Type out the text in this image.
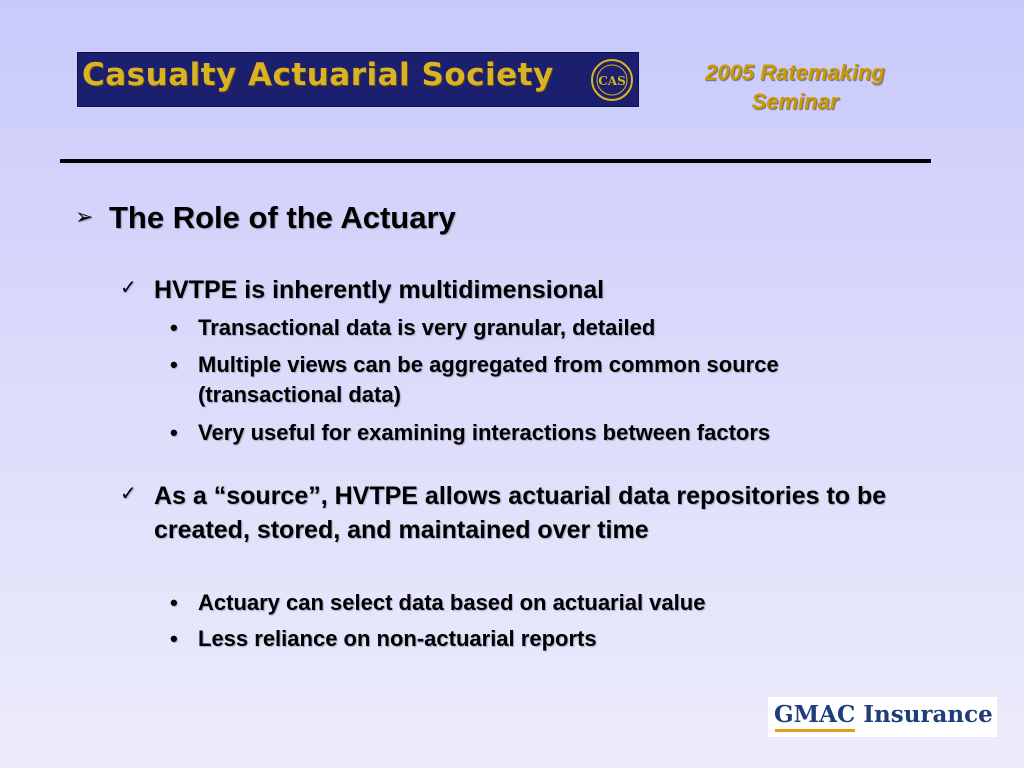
Casualty Actuarial Society	CAS	2005 Ratemaking
Seminar
➢ The Role of the Actuary
✓ HVTPE is inherently multidimensional
• Transactional data is very granular, detailed
• Multiple views can be aggregated from common source (transactional data)
• Very useful for examining interactions between factors
✓ As a “source”, HVTPE allows actuarial data repositories to be created, stored, and maintained over time
• Actuary can select data based on actuarial value
• Less reliance on non-actuarial reports
GMAC Insurance
